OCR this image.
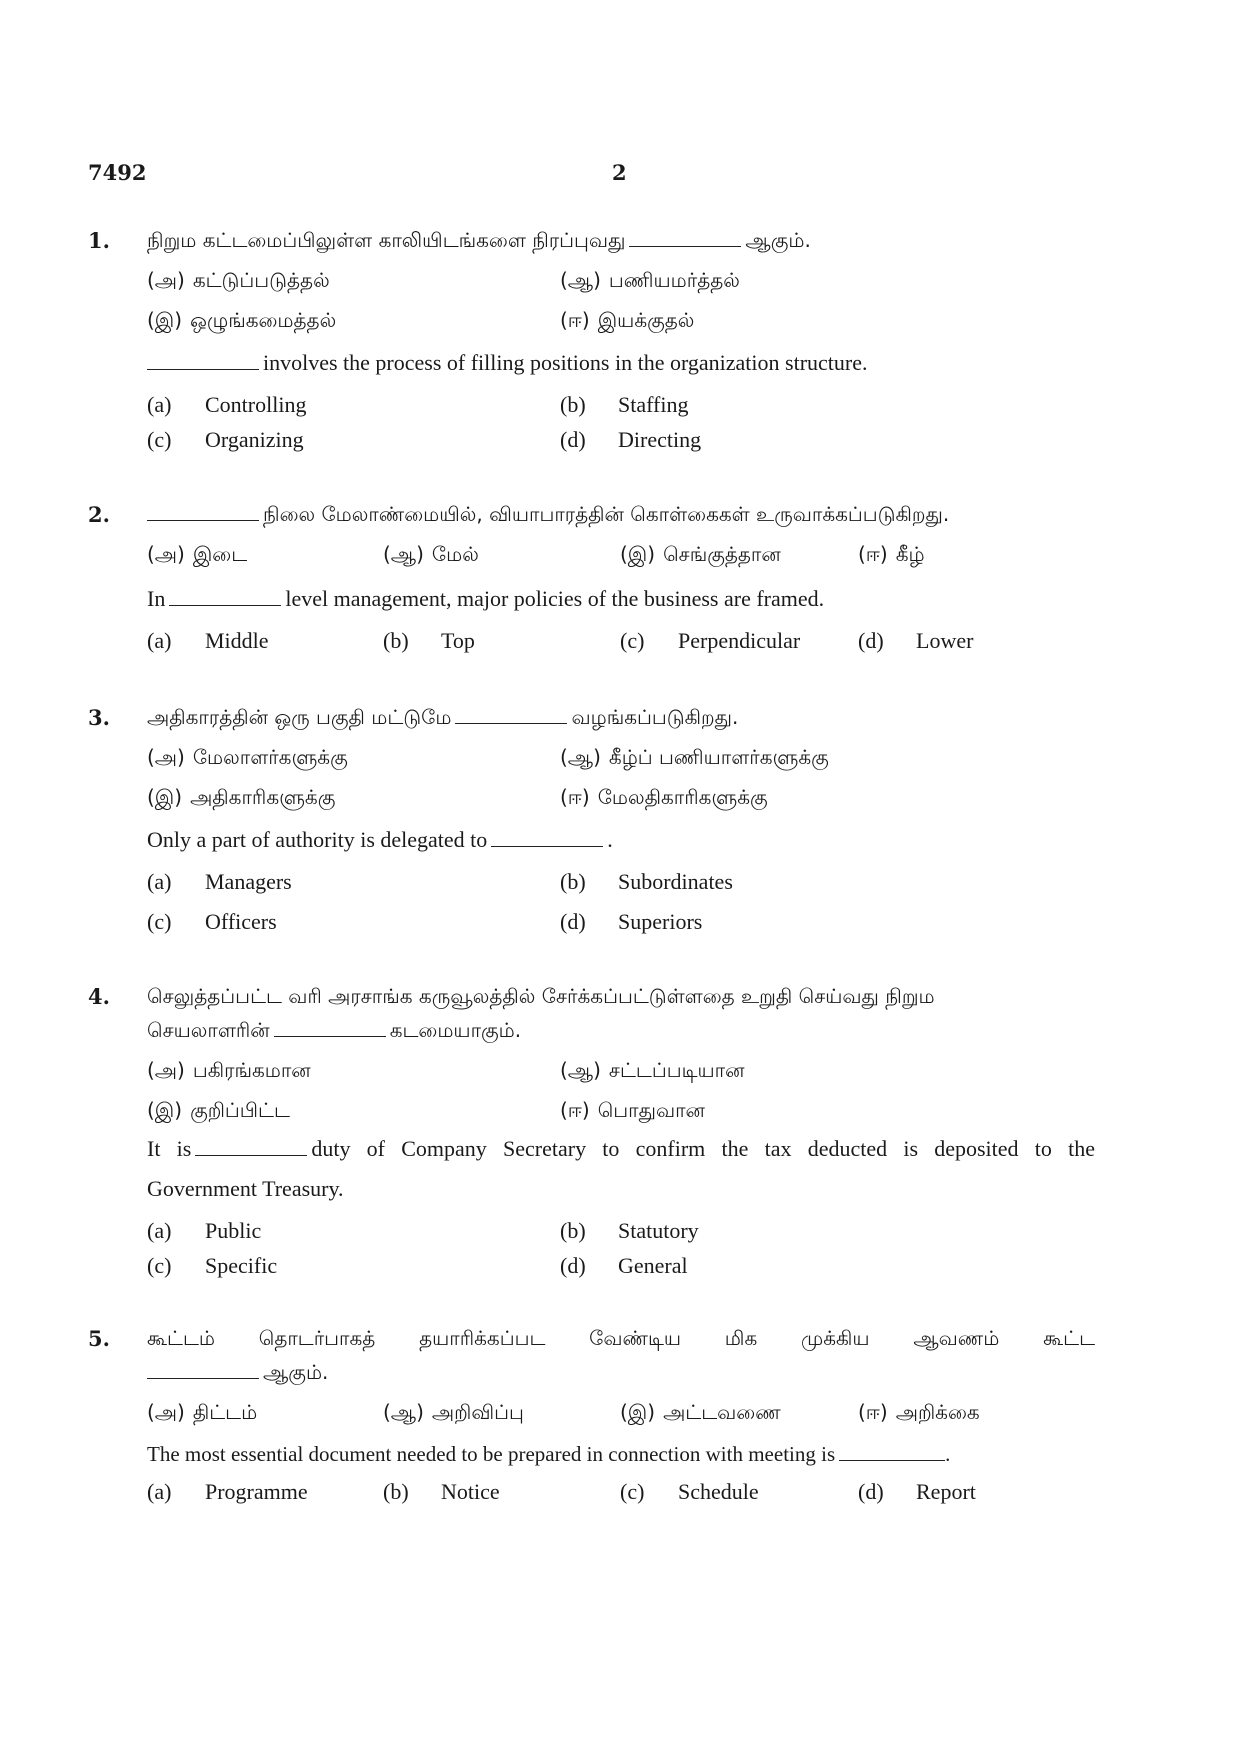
7492	2
1. நிறும கட்டமைப்பிலுள்ள காலியிடங்களை நிரப்புவது	ஆகும்.
(அ) கட்டுப்படுத்தல்	(ஆ) பணியமர்த்தல்
(இ) ஒழுங்கமைத்தல்	(ஈ) இயக்குதல்
involves the process of filling positions in the organization structure.
(a) Controlling	(b) Staffing
(c) Organizing	(d) Directing
2.	நிலை மேலாண்மையில், வியாபாரத்தின் கொள்கைகள் உருவாக்கப்படுகிறது.
(அ) இடை	(ஆ) மேல்	(இ) செங்குத்தான	(ஈ) கீழ்
In	level management, major policies of the business are framed.
(a) Middle	(b) Top	(c) Perpendicular	(d) Lower
3. அதிகாரத்தின் ஒரு பகுதி மட்டுமே	வழங்கப்படுகிறது.
(அ) மேலாளர்களுக்கு	(ஆ) கீழ்ப் பணியாளர்களுக்கு
(இ) அதிகாரிகளுக்கு	(ஈ) மேலதிகாரிகளுக்கு
Only a part of authority is delegated to	.
(a) Managers	(b) Subordinates
(c) Officers	(d) Superiors
4. செலுத்தப்பட்ட வரி அரசாங்க கருவூலத்தில் சேர்க்கப்பட்டுள்ளதை உறுதி செய்வது நிறும
செயலாளரின்	கடமையாகும்.
(அ) பகிரங்கமான	(ஆ) சட்டப்படியான
(இ) குறிப்பிட்ட	(ஈ) பொதுவான
It is	duty of Company Secretary to confirm the tax deducted is deposited to the
Government Treasury.
(a) Public	(b) Statutory
(c) Specific	(d) General
5. கூட்டம் தொடர்பாகத் தயாரிக்கப்பட வேண்டிய மிக முக்கிய ஆவணம் கூட்ட
ஆகும்.
(அ) திட்டம்	(ஆ) அறிவிப்பு	(இ) அட்டவணை	(ஈ) அறிக்கை
The most essential document needed to be prepared in connection with meeting is	.
(a) Programme	(b) Notice	(c) Schedule	(d) Report
